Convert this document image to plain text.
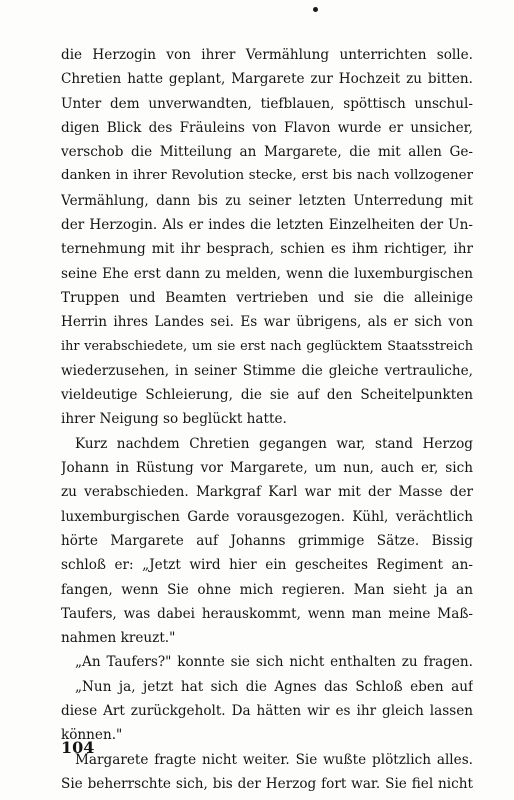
die Herzogin von ihrer Vermählung unterrichten solle.
Chretien hatte geplant, Margarete zur Hochzeit zu bitten.
Unter dem unverwandten, tiefblauen, spöttisch unschul-
digen Blick des Fräuleins von Flavon wurde er unsicher,
verschob die Mitteilung an Margarete, die mit allen Ge-
danken in ihrer Revolution stecke, erst bis nach vollzogener
Vermählung, dann bis zu seiner letzten Unterredung mit
der Herzogin. Als er indes die letzten Einzelheiten der Un-
ternehmung mit ihr besprach, schien es ihm richtiger, ihr
seine Ehe erst dann zu melden, wenn die luxemburgischen
Truppen und Beamten vertrieben und sie die alleinige
Herrin ihres Landes sei. Es war übrigens, als er sich von
ihr verabschiedete, um sie erst nach geglücktem Staatsstreich
wiederzusehen, in seiner Stimme die gleiche vertrauliche,
vieldeutige Schleierung, die sie auf den Scheitelpunkten
ihrer Neigung so beglückt hatte.
Kurz nachdem Chretien gegangen war, stand Herzog
Johann in Rüstung vor Margarete, um nun, auch er, sich
zu verabschieden. Markgraf Karl war mit der Masse der
luxemburgischen Garde vorausgezogen. Kühl, verächtlich
hörte Margarete auf Johanns grimmige Sätze. Bissig
schloß er: „Jetzt wird hier ein gescheites Regiment an-
fangen, wenn Sie ohne mich regieren. Man sieht ja an
Taufers, was dabei herauskommt, wenn man meine Maß-
nahmen kreuzt."
„An Taufers?" konnte sie sich nicht enthalten zu fragen.
„Nun ja, jetzt hat sich die Agnes das Schloß eben auf
diese Art zurückgeholt. Da hätten wir es ihr gleich lassen
können."
Margarete fragte nicht weiter. Sie wußte plötzlich alles.
Sie beherrschte sich, bis der Herzog fort war. Sie fiel nicht
104
